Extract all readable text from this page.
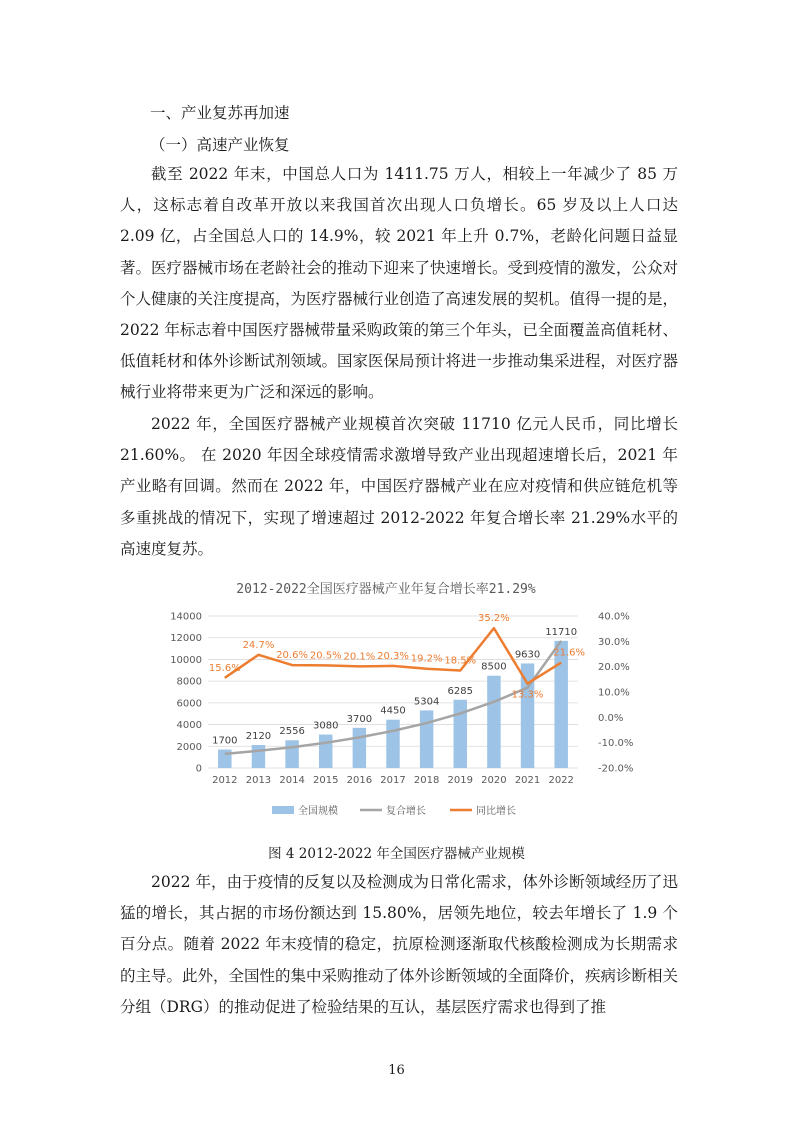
一、产业复苏再加速
（一）高速产业恢复

截至 2022 年末，中国总人口为 1411.75 万人，相较上一年减少了 85 万人，这标志着自改革开放以来我国首次出现人口负增长。65 岁及以上人口达 2.09 亿，占全国总人口的 14.9%，较 2021 年上升 0.7%，老龄化问题日益显著。医疗器械市场在老龄社会的推动下迎来了快速增长。受到疫情的激发，公众对个人健康的关注度提高，为医疗器械行业创造了高速发展的契机。值得一提的是，2022 年标志着中国医疗器械带量采购政策的第三个年头，已全面覆盖高值耗材、低值耗材和体外诊断试剂领域。国家医保局预计将进一步推动集采进程，对医疗器械行业将带来更为广泛和深远的影响。

2022 年，全国医疗器械产业规模首次突破 11710 亿元人民币，同比增长 21.60%。 在 2020 年因全球疫情需求激增导致产业出现超速增长后，2021 年产业略有回调。然而在 2022 年，中国医疗器械产业在应对疫情和供应链危机等多重挑战的情况下，实现了增速超过 2012-2022 年复合增长率 21.29%水平的高速度复苏。

2012-2022全国医疗器械产业年复合增长率21.29%
1700 2120 2556
3080
3700
4450
5304
6285
8500
9630
11710
15.6%
24.7%
20.6% 20.5% 20.1% 20.3% 19.2% 18.5%
35.2%
13.3%
21.6%
0
2000
4000
6000
8000
10000
12000
14000
-20.0%
-10.0%
0.0%
10.0%
20.0%
30.0%
40.0%
2012 2013 2014 2015 2016 2017 2018 2019 2020 2021 2022
全国规模	复合增长	同比增长
图 4 2012-2022 年全国医疗器械产业规模

2022 年，由于疫情的反复以及检测成为日常化需求，体外诊断领域经历了迅猛的增长，其占据的市场份额达到 15.80%，居领先地位，较去年增长了 1.9 个百分点。随着 2022 年末疫情的稳定，抗原检测逐渐取代核酸检测成为长期需求的主导。此外，全国性的集中采购推动了体外诊断领域的全面降价，疾病诊断相关分组（DRG）的推动促进了检验结果的互认，基层医疗需求也得到了推

16
